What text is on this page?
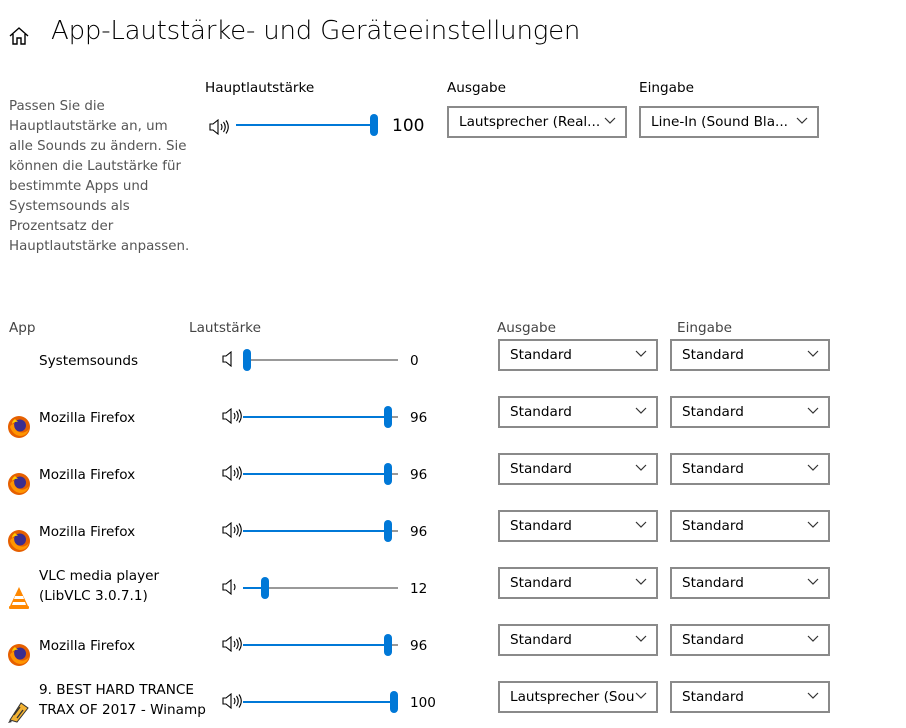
App-Lautstärke- und Geräteeinstellungen
Passen Sie die Hauptlautstärke an, um alle Sounds zu ändern. Sie können die Lautstärke für bestimmte Apps und Systemsounds als Prozentsatz der Hauptlautstärke anpassen.
Hauptlautstärke
100
Ausgabe
Lautsprecher (Real...
Eingabe
Line-In (Sound Bla...
App	Lautstärke	Ausgabe	Eingabe
Systemsounds	0	Standard	Standard
Mozilla Firefox	96	Standard	Standard
Mozilla Firefox	96	Standard	Standard
Mozilla Firefox	96	Standard	Standard
VLC media player (LibVLC 3.0.7.1)	12	Standard	Standard
Mozilla Firefox	96	Standard	Standard
9. BEST HARD TRANCE TRAX OF 2017 - Winamp	100	Lautsprecher (Sou	Standard
